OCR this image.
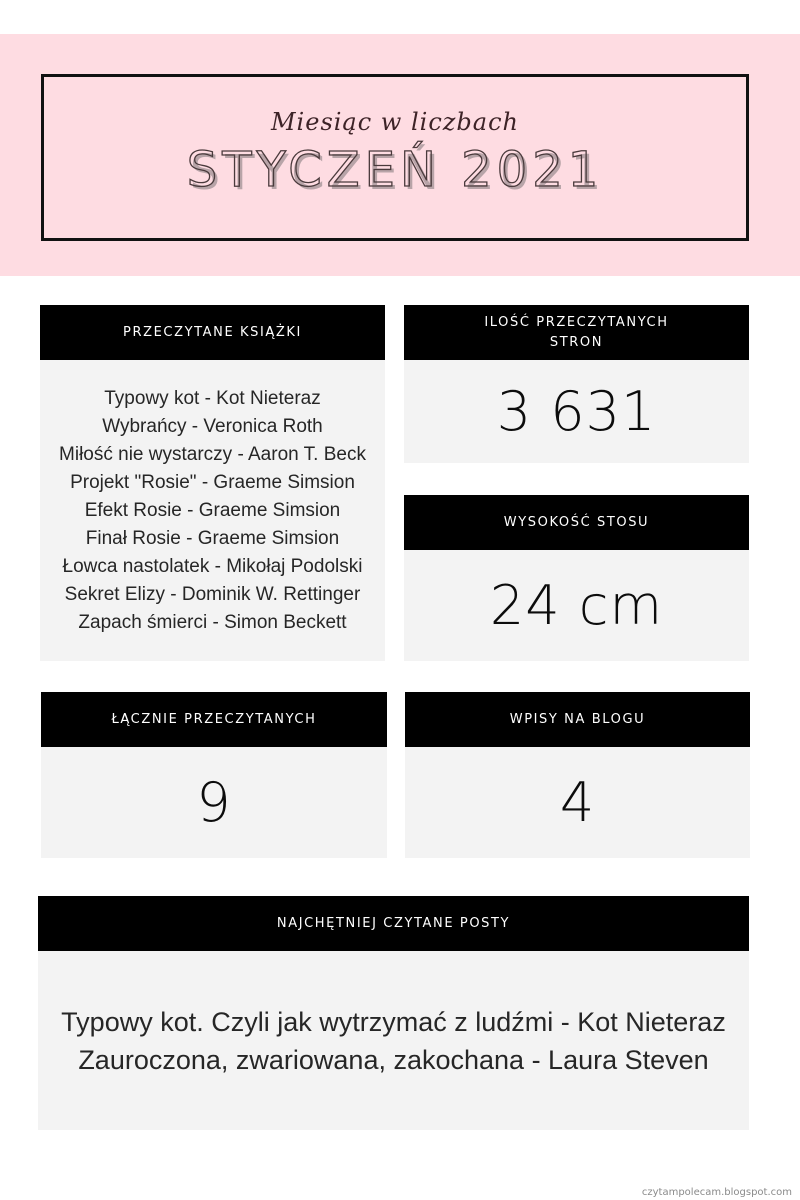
Miesiąc w liczbach
STYCZEŃ 2021
PRZECZYTANE KSIĄŻKI
Typowy kot - Kot Nieteraz
Wybrańcy - Veronica Roth
Miłość nie wystarczy - Aaron T. Beck
Projekt "Rosie" - Graeme Simsion
Efekt Rosie - Graeme Simsion
Finał Rosie - Graeme Simsion
Łowca nastolatek - Mikołaj Podolski
Sekret Elizy - Dominik W. Rettinger
Zapach śmierci - Simon Beckett
ILOŚĆ PRZECZYTANYCH
STRON
3 631
WYSOKOŚĆ STOSU
24 cm
ŁĄCZNIE PRZECZYTANYCH
9
WPISY NA BLOGU
4
NAJCHĘTNIEJ CZYTANE POSTY
Typowy kot. Czyli jak wytrzymać z ludźmi - Kot Nieteraz
Zauroczona, zwariowana, zakochana - Laura Steven
czytampolecam.blogspot.com
